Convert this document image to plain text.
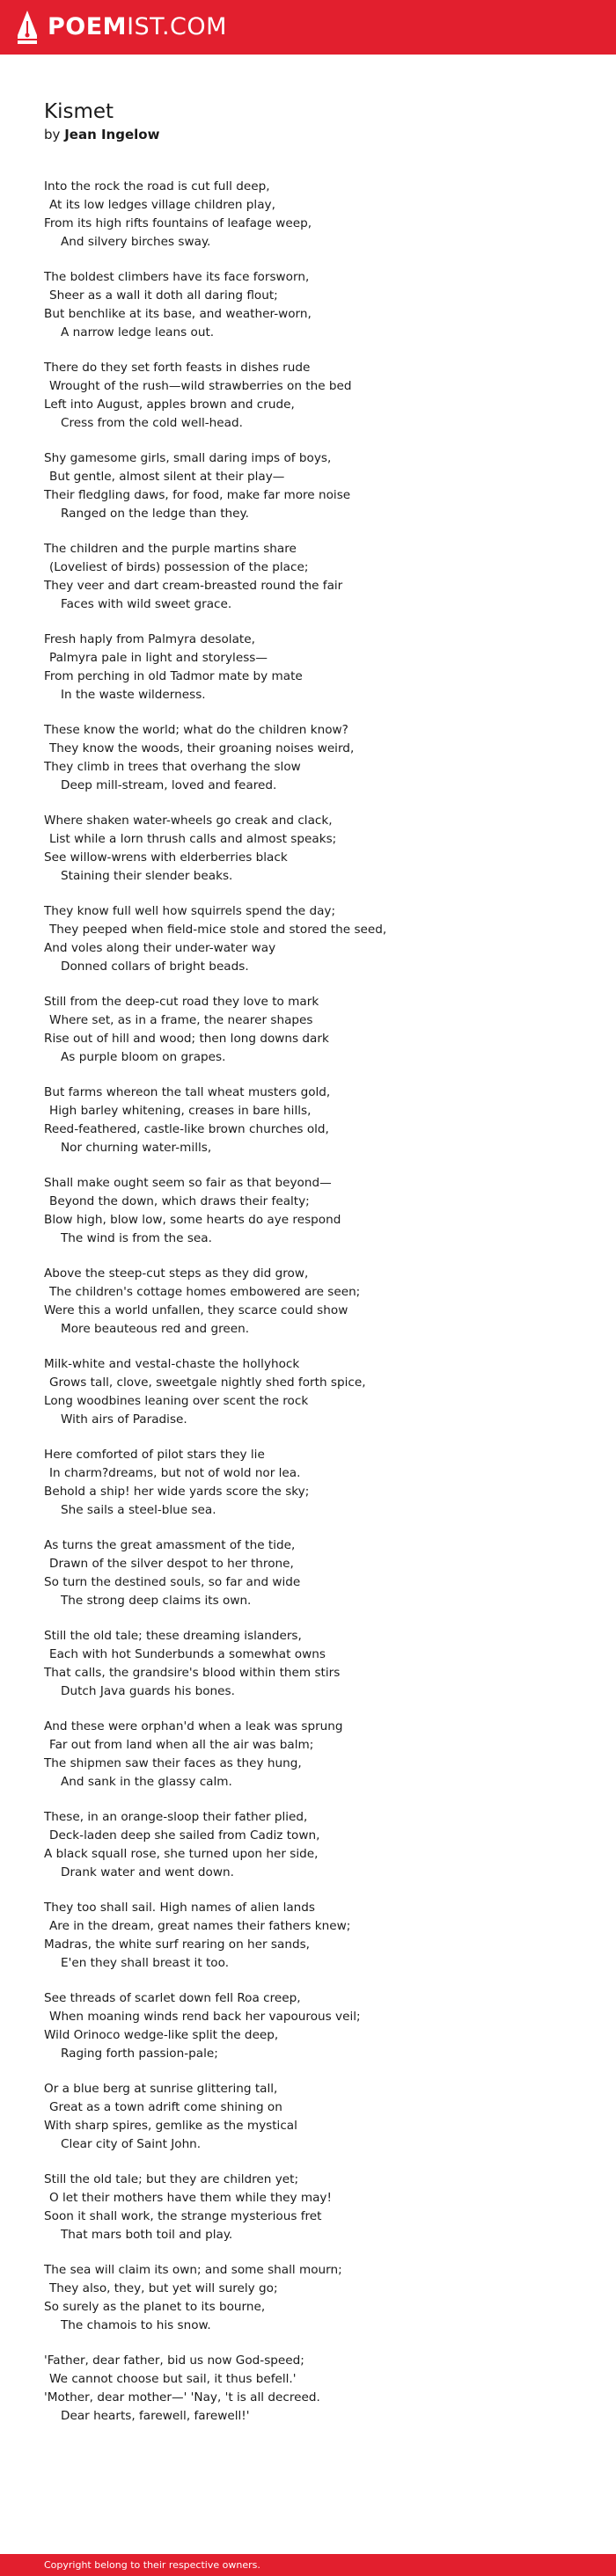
POEMIST.COM
Kismet

by Jean Ingelow

Into the rock the road is cut full deep,
At its low ledges village children play,
From its high rifts fountains of leafage weep,
And silvery birches sway.
The boldest climbers have its face forsworn,
Sheer as a wall it doth all daring flout;
But benchlike at its base, and weather-worn,
A narrow ledge leans out.
There do they set forth feasts in dishes rude
Wrought of the rush—wild strawberries on the bed
Left into August, apples brown and crude,
Cress from the cold well-head.
Shy gamesome girls, small daring imps of boys,
But gentle, almost silent at their play—
Their fledgling daws, for food, make far more noise
Ranged on the ledge than they.
The children and the purple martins share
(Loveliest of birds) possession of the place;
They veer and dart cream-breasted round the fair
Faces with wild sweet grace.
Fresh haply from Palmyra desolate,
Palmyra pale in light and storyless—
From perching in old Tadmor mate by mate
In the waste wilderness.
These know the world; what do the children know?
They know the woods, their groaning noises weird,
They climb in trees that overhang the slow
Deep mill-stream, loved and feared.
Where shaken water-wheels go creak and clack,
List while a lorn thrush calls and almost speaks;
See willow-wrens with elderberries black
Staining their slender beaks.
They know full well how squirrels spend the day;
They peeped when field-mice stole and stored the seed,
And voles along their under-water way
Donned collars of bright beads.
Still from the deep-cut road they love to mark
Where set, as in a frame, the nearer shapes
Rise out of hill and wood; then long downs dark
As purple bloom on grapes.
But farms whereon the tall wheat musters gold,
High barley whitening, creases in bare hills,
Reed-feathered, castle-like brown churches old,
Nor churning water-mills,
Shall make ought seem so fair as that beyond—
Beyond the down, which draws their fealty;
Blow high, blow low, some hearts do aye respond
The wind is from the sea.
Above the steep-cut steps as they did grow,
The children's cottage homes embowered are seen;
Were this a world unfallen, they scarce could show
More beauteous red and green.
Milk-white and vestal-chaste the hollyhock
Grows tall, clove, sweetgale nightly shed forth spice,
Long woodbines leaning over scent the rock
With airs of Paradise.
Here comforted of pilot stars they lie
In charm?dreams, but not of wold nor lea.
Behold a ship! her wide yards score the sky;
She sails a steel-blue sea.
As turns the great amassment of the tide,
Drawn of the silver despot to her throne,
So turn the destined souls, so far and wide
The strong deep claims its own.
Still the old tale; these dreaming islanders,
Each with hot Sunderbunds a somewhat owns
That calls, the grandsire's blood within them stirs
Dutch Java guards his bones.
And these were orphan'd when a leak was sprung
Far out from land when all the air was balm;
The shipmen saw their faces as they hung,
And sank in the glassy calm.
These, in an orange-sloop their father plied,
Deck-laden deep she sailed from Cadiz town,
A black squall rose, she turned upon her side,
Drank water and went down.
They too shall sail. High names of alien lands
Are in the dream, great names their fathers knew;
Madras, the white surf rearing on her sands,
E'en they shall breast it too.
See threads of scarlet down fell Roa creep,
When moaning winds rend back her vapourous veil;
Wild Orinoco wedge-like split the deep,
Raging forth passion-pale;
Or a blue berg at sunrise glittering tall,
Great as a town adrift come shining on
With sharp spires, gemlike as the mystical
Clear city of Saint John.
Still the old tale; but they are children yet;
O let their mothers have them while they may!
Soon it shall work, the strange mysterious fret
That mars both toil and play.
The sea will claim its own; and some shall mourn;
They also, they, but yet will surely go;
So surely as the planet to its bourne,
The chamois to his snow.
'Father, dear father, bid us now God-speed;
We cannot choose but sail, it thus befell.'
'Mother, dear mother—' 'Nay, 't is all decreed.
Dear hearts, farewell, farewell!'
Copyright belong to their respective owners.
